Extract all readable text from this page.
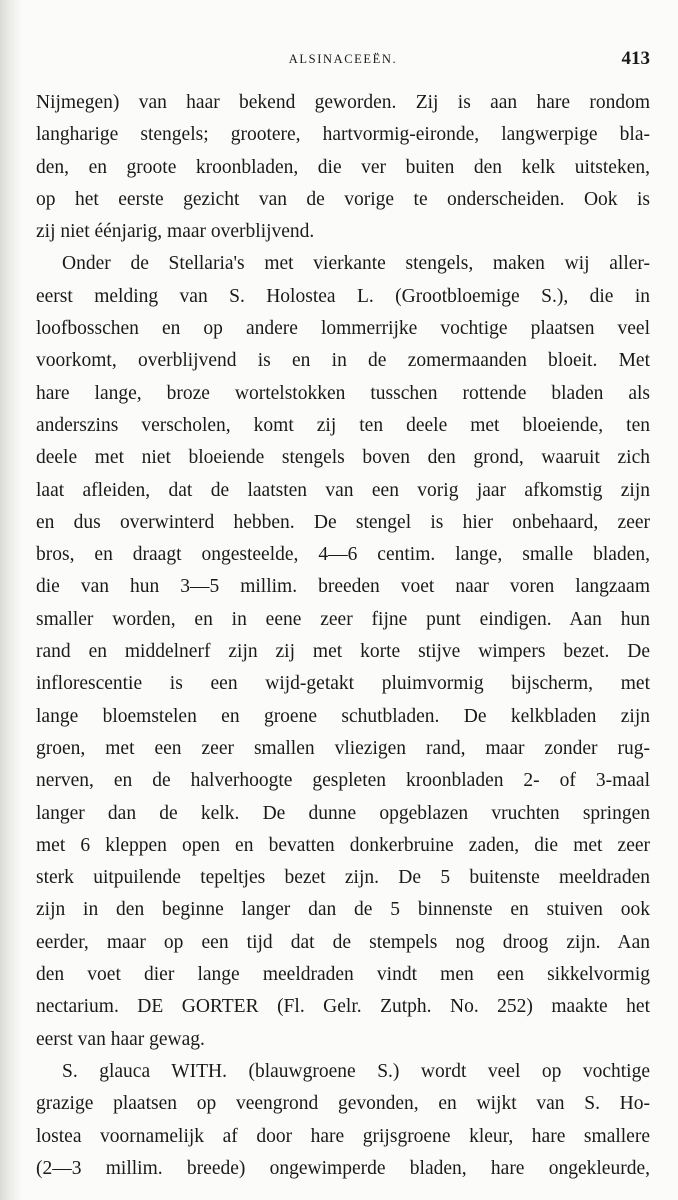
ALSINACEEËN.	413
Nijmegen) van haar bekend geworden. Zij is aan hare rondom
langharige stengels; grootere, hartvormig-eironde, langwerpige bla-
den, en groote kroonbladen, die ver buiten den kelk uitsteken,
op het eerste gezicht van de vorige te onderscheiden. Ook is
zij niet éénjarig, maar overblijvend.
Onder de Stellaria's met vierkante stengels, maken wij aller-
eerst melding van S. Holostea L. (Grootbloemige S.), die in
loofbosschen en op andere lommerrijke vochtige plaatsen veel
voorkomt, overblijvend is en in de zomermaanden bloeit. Met
hare lange, broze wortelstokken tusschen rottende bladen als
anderszins verscholen, komt zij ten deele met bloeiende, ten
deele met niet bloeiende stengels boven den grond, waaruit zich
laat afleiden, dat de laatsten van een vorig jaar afkomstig zijn
en dus overwinterd hebben. De stengel is hier onbehaard, zeer
bros, en draagt ongesteelde, 4—6 centim. lange, smalle bladen,
die van hun 3—5 millim. breeden voet naar voren langzaam
smaller worden, en in eene zeer fijne punt eindigen. Aan hun
rand en middelnerf zijn zij met korte stijve wimpers bezet. De
inflorescentie is een wijd-getakt pluimvormig bijscherm, met
lange bloemstelen en groene schutbladen. De kelkbladen zijn
groen, met een zeer smallen vliezigen rand, maar zonder rug-
nerven, en de halverhoogte gespleten kroonbladen 2- of 3-maal
langer dan de kelk. De dunne opgeblazen vruchten springen
met 6 kleppen open en bevatten donkerbruine zaden, die met zeer
sterk uitpuilende tepeltjes bezet zijn. De 5 buitenste meeldraden
zijn in den beginne langer dan de 5 binnenste en stuiven ook
eerder, maar op een tijd dat de stempels nog droog zijn. Aan
den voet dier lange meeldraden vindt men een sikkelvormig
nectarium. DE GORTER (Fl. Gelr. Zutph. No. 252) maakte het
eerst van haar gewag.
S. glauca WITH. (blauwgroene S.) wordt veel op vochtige
grazige plaatsen op veengrond gevonden, en wijkt van S. Ho-
lostea voornamelijk af door hare grijsgroene kleur, hare smallere
(2—3 millim. breede) ongewimperde bladen, hare ongekleurde,
